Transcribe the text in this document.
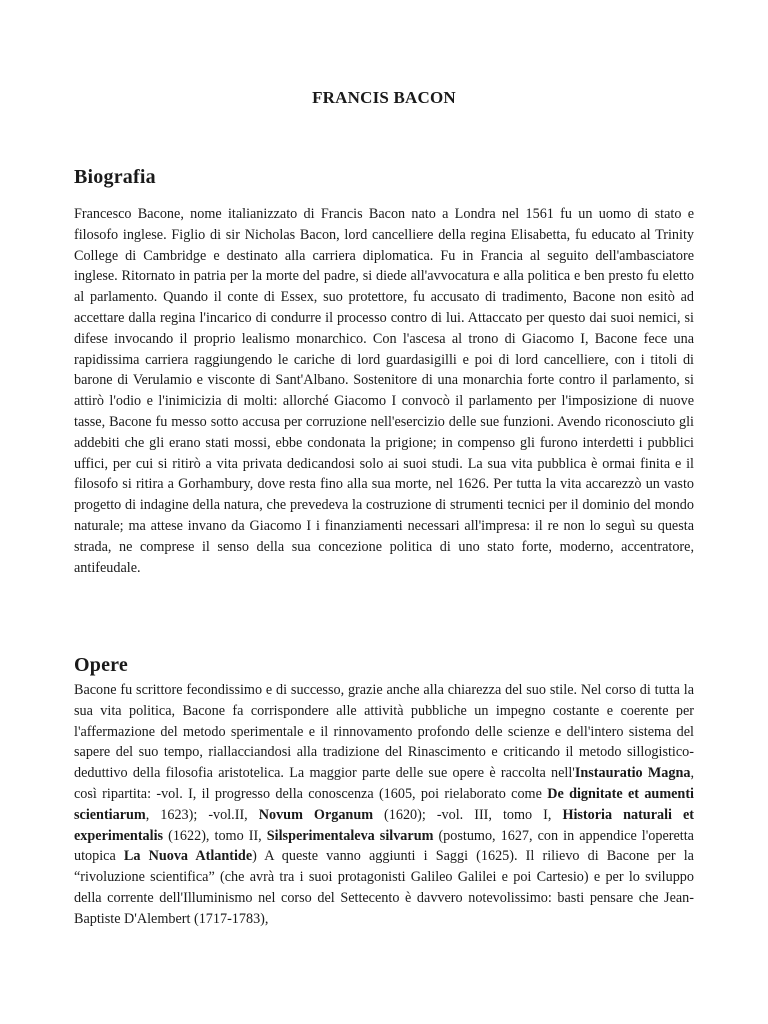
FRANCIS BACON
Biografia

Francesco Bacone, nome italianizzato di Francis Bacon nato a Londra nel 1561 fu un uomo di stato e filosofo inglese. Figlio di sir Nicholas Bacon, lord cancelliere della regina Elisabetta, fu educato al Trinity College di Cambridge e destinato alla carriera diplomatica. Fu in Francia al seguito dell'ambasciatore inglese. Ritornato in patria per la morte del padre, si diede all'avvocatura e alla politica e ben presto fu eletto al parlamento. Quando il conte di Essex, suo protettore, fu accusato di tradimento, Bacone non esitò ad accettare dalla regina l'incarico di condurre il processo contro di lui. Attaccato per questo dai suoi nemici, si difese invocando il proprio lealismo monarchico. Con l'ascesa al trono di Giacomo I, Bacone fece una rapidissima carriera raggiungendo le cariche di lord guardasigilli e poi di lord cancelliere, con i titoli di barone di Verulamio e visconte di Sant'Albano. Sostenitore di una monarchia forte contro il parlamento, si attirò l'odio e l'inimicizia di molti: allorché Giacomo I convocò il parlamento per l'imposizione di nuove tasse, Bacone fu messo sotto accusa per corruzione nell'esercizio delle sue funzioni. Avendo riconosciuto gli addebiti che gli erano stati mossi, ebbe condonata la prigione; in compenso gli furono interdetti i pubblici uffici, per cui si ritirò a vita privata dedicandosi solo ai suoi studi. La sua vita pubblica è ormai finita e il filosofo si ritira a Gorhambury, dove resta fino alla sua morte, nel 1626. Per tutta la vita accarezzò un vasto progetto di indagine della natura, che prevedeva la costruzione di strumenti tecnici per il dominio del mondo naturale; ma attese invano da Giacomo I i finanziamenti necessari all'impresa: il re non lo seguì su questa strada, ne comprese il senso della sua concezione politica di uno stato forte, moderno, accentratore, antifeudale.

Opere

Bacone fu scrittore fecondissimo e di successo, grazie anche alla chiarezza del suo stile. Nel corso di tutta la sua vita politica, Bacone fa corrispondere alle attività pubbliche un impegno costante e coerente per l'affermazione del metodo sperimentale e il rinnovamento profondo delle scienze e dell'intero sistema del sapere del suo tempo, riallacciandosi alla tradizione del Rinascimento e criticando il metodo sillogistico-deduttivo della filosofia aristotelica. La maggior parte delle sue opere è raccolta nell'Instauratio Magna, così ripartita: -vol. I, il progresso della conoscenza (1605, poi rielaborato come De dignitate et aumenti scientiarum, 1623); -vol.II, Novum Organum (1620); -vol. III, tomo I, Historia naturali et experimentalis (1622), tomo II, Silsperimentaleva silvarum (postumo, 1627, con in appendice l'operetta utopica La Nuova Atlantide) A queste vanno aggiunti i Saggi (1625). Il rilievo di Bacone per la “rivoluzione scientifica” (che avrà tra i suoi protagonisti Galileo Galilei e poi Cartesio) e per lo sviluppo della corrente dell'Illuminismo nel corso del Settecento è davvero notevolissimo: basti pensare che Jean-Baptiste D'Alembert (1717-1783),
